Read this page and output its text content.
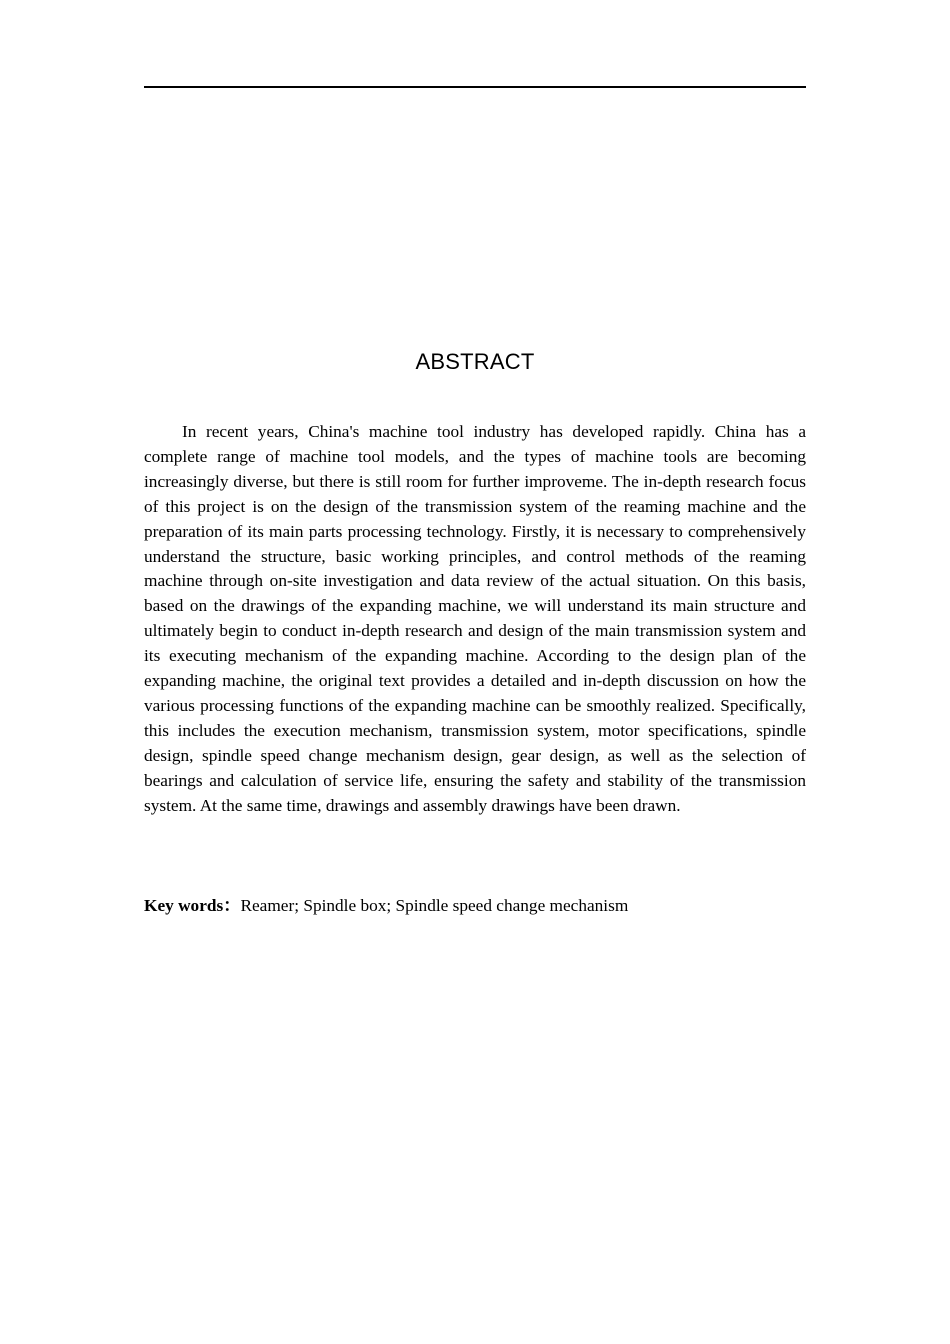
ABSTRACT

In recent years, China's machine tool industry has developed rapidly. China has a complete range of machine tool models, and the types of machine tools are becoming increasingly diverse, but there is still room for further improveme. The in-depth research focus of this project is on the design of the transmission system of the reaming machine and the preparation of its main parts processing technology. Firstly, it is necessary to comprehensively understand the structure, basic working principles, and control methods of the reaming machine through on-site investigation and data review of the actual situation. On this basis, based on the drawings of the expanding machine, we will understand its main structure and ultimately begin to conduct in-depth research and design of the main transmission system and its executing mechanism of the expanding machine. According to the design plan of the expanding machine, the original text provides a detailed and in-depth discussion on how the various processing functions of the expanding machine can be smoothly realized. Specifically, this includes the execution mechanism, transmission system, motor specifications, spindle design, spindle speed change mechanism design, gear design, as well as the selection of bearings and calculation of service life, ensuring the safety and stability of the transmission system. At the same time, drawings and assembly drawings have been drawn.

Key words：Reamer; Spindle box; Spindle speed change mechanism
